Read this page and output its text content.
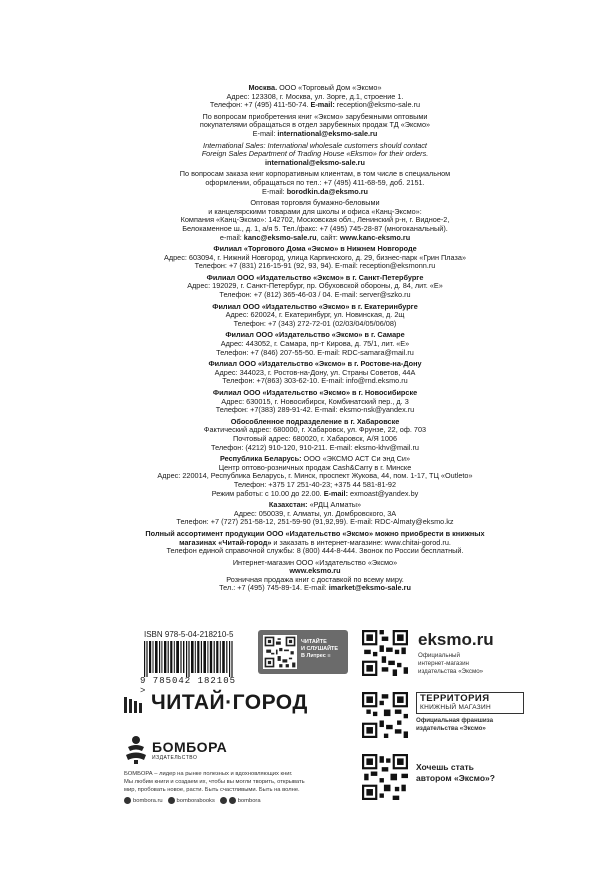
Москва. ООО «Торговый Дом «Эксмо»
Адрес: 123308, г. Москва, ул. Зорге, д.1, строение 1.
Телефон: +7 (495) 411-50-74. E-mail: reception@eksmo-sale.ru
По вопросам приобретения книг «Эксмо» зарубежными оптовыми
покупателями обращаться в отдел зарубежных продаж ТД «Эксмо»
E-mail: international@eksmo-sale.ru
International Sales: International wholesale customers should contact
Foreign Sales Department of Trading House «Eksmo» for their orders.
international@eksmo-sale.ru
По вопросам заказа книг корпоративным клиентам, в том числе в специальном
оформлении, обращаться по тел.: +7 (495) 411-68-59, доб. 2151.
E-mail: borodkin.da@eksmo.ru
Оптовая торговля бумажно-беловыми
и канцелярскими товарами для школы и офиса «Канц-Эксмо»:
Компания «Канц-Эксмо»: 142702, Московская обл., Ленинский р-н, г. Видное-2,
Белокаменное ш., д. 1, а/я 5. Тел./факс: +7 (495) 745-28-87 (многоканальный).
e-mail: kanc@eksmo-sale.ru, сайт: www.kanc-eksmo.ru
Филиал «Торгового Дома «Эксмо» в Нижнем Новгороде
Адрес: 603094, г. Нижний Новгород, улица Карпинского, д. 29, бизнес-парк «Грин Плаза»
Телефон: +7 (831) 216-15-91 (92, 93, 94). E-mail: reception@eksmonn.ru
Филиал ООО «Издательство «Эксмо» в г. Санкт-Петербурге
Адрес: 192029, г. Санкт-Петербург, пр. Обуховской обороны, д. 84, лит. «Е»
Телефон: +7 (812) 365-46-03 / 04. E-mail: server@szko.ru
Филиал ООО «Издательство «Эксмо» в г. Екатеринбурге
Адрес: 620024, г. Екатеринбург, ул. Новинская, д. 2щ
Телефон: +7 (343) 272-72-01 (02/03/04/05/06/08)
Филиал ООО «Издательство «Эксмо» в г. Самаре
Адрес: 443052, г. Самара, пр-т Кирова, д. 75/1, лит. «Е»
Телефон: +7 (846) 207-55-50. E-mail: RDC-samara@mail.ru
Филиал ООО «Издательство «Эксмо» в г. Ростове-на-Дону
Адрес: 344023, г. Ростов-на-Дону, ул. Страны Советов, 44А
Телефон: +7(863) 303-62-10. E-mail: info@rnd.eksmo.ru
Филиал ООО «Издательство «Эксмо» в г. Новосибирске
Адрес: 630015, г. Новосибирск, Комбинатский пер., д. 3
Телефон: +7(383) 289-91-42. E-mail: eksmo-nsk@yandex.ru
Обособленное подразделение в г. Хабаровске
Фактический адрес: 680000, г. Хабаровск, ул. Фрунзе, 22, оф. 703
Почтовый адрес: 680020, г. Хабаровск, А/Я 1006
Телефон: (4212) 910-120, 910-211. E-mail: eksmo-khv@mail.ru
Республика Беларусь: ООО «ЭКСМО АСТ Си энд Си»
Центр оптово-розничных продаж Cash&Carry в г. Минске
Адрес: 220014, Республика Беларусь, г. Минск, проспект Жукова, 44, пом. 1-17, ТЦ «Outleto»
Телефон: +375 17 251-40-23; +375 44 581-81-92
Режим работы: с 10.00 до 22.00. E-mail: exmoast@yandex.by
Казахстан: «РДЦ Алматы»
Адрес: 050039, г. Алматы, ул. Домбровского, 3А
Телефон: +7 (727) 251-58-12, 251-59-90 (91,92,99). E-mail: RDC-Almaty@eksmo.kz
Полный ассортимент продукции ООО «Издательство «Эксмо» можно приобрести в книжных
магазинах «Читай-город» и заказать в интернет-магазине: www.chitai-gorod.ru.
Телефон единой справочной службы: 8 (800) 444-8-444. Звонок по России бесплатный.
Интернет-магазин ООО «Издательство «Эксмо»
www.eksmo.ru
Розничная продажа книг с доставкой по всему миру.
Тел.: +7 (495) 745-89-14. E-mail: imarket@eksmo-sale.ru
ISBN 978-5-04-218210-5
9 785042 182105 >
ЧИТАЙТЕ
И СЛУШАЙТЕ
В Литрес ≡
eksmo.ru
Официальный
интернет-магазин
издательства «Эксмо»
ТЕРРИТОРИЯ
КНИЖНЫЙ МАГАЗИН
Официальная франшиза
издательства «Эксмо»
Хочешь стать
автором «Эксмо»?
ЧИТАЙ·ГОРОД
БОМБОРА
ИЗДАТЕЛЬСТВО
БОМБОРА – лидер на рынке полезных и вдохновляющих книг.
Мы любим книги и создаем их, чтобы вы могли творить, открывать
мир, пробовать новое, расти. Быть счастливыми. Быть на волне.
bombora.ru bomborabooks	bombora
